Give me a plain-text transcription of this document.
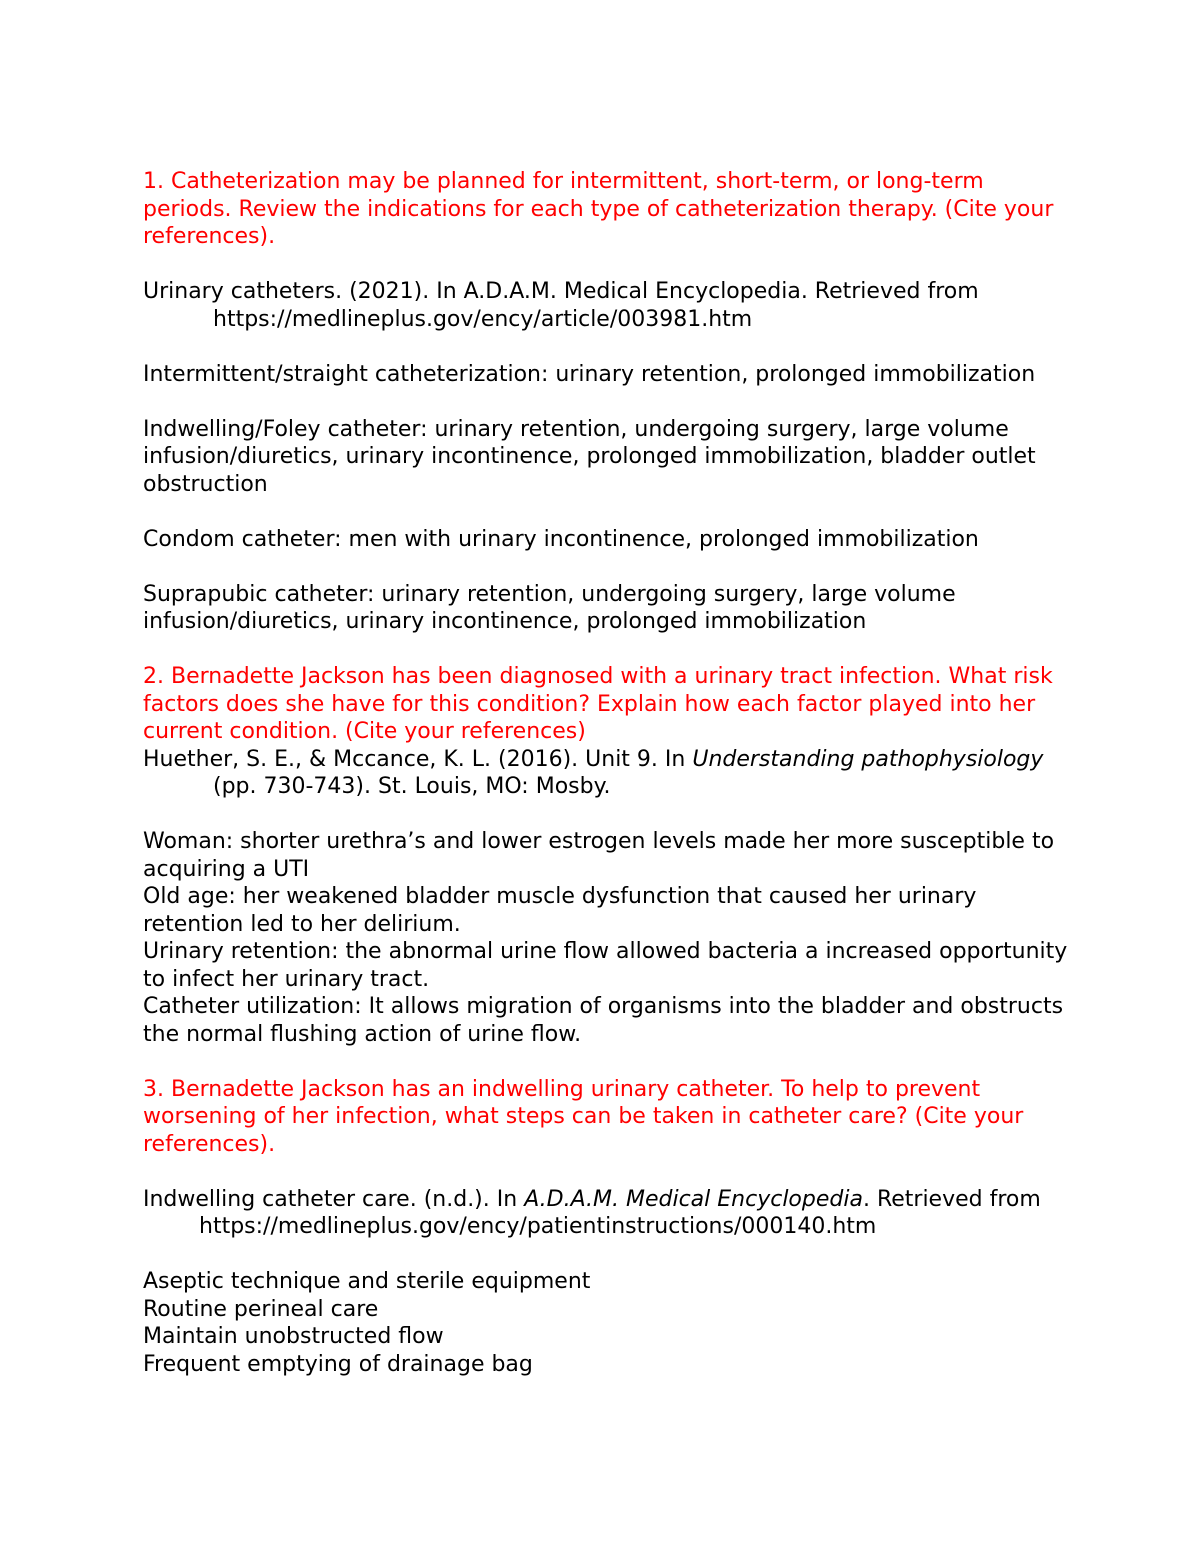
1. Catheterization may be planned for intermittent, short-term, or long-term periods. Review the indications for each type of catheterization therapy. (Cite your references).

Urinary catheters. (2021). In A.D.A.M. Medical Encyclopedia. Retrieved from https://medlineplus.gov/ency/article/003981.htm

Intermittent/straight catheterization: urinary retention, prolonged immobilization

Indwelling/Foley catheter: urinary retention, undergoing surgery, large volume infusion/diuretics, urinary incontinence, prolonged immobilization, bladder outlet obstruction

Condom catheter: men with urinary incontinence, prolonged immobilization

Suprapubic catheter: urinary retention, undergoing surgery, large volume infusion/diuretics, urinary incontinence, prolonged immobilization

2. Bernadette Jackson has been diagnosed with a urinary tract infection. What risk factors does she have for this condition? Explain how each factor played into her current condition. (Cite your references)

Huether, S. E., & Mccance, K. L. (2016). Unit 9. In Understanding pathophysiology (pp. 730-743). St. Louis, MO: Mosby.

Woman: shorter urethra’s and lower estrogen levels made her more susceptible to acquiring a UTI

Old age: her weakened bladder muscle dysfunction that caused her urinary retention led to her delirium.

Urinary retention: the abnormal urine flow allowed bacteria a increased opportunity to infect her urinary tract.

Catheter utilization: It allows migration of organisms into the bladder and obstructs the normal flushing action of urine flow.

3. Bernadette Jackson has an indwelling urinary catheter. To help to prevent worsening of her infection, what steps can be taken in catheter care? (Cite your references).

Indwelling catheter care. (n.d.). In A.D.A.M. Medical Encyclopedia. Retrieved from https://medlineplus.gov/ency/patientinstructions/000140.htm

Aseptic technique and sterile equipment

Routine perineal care

Maintain unobstructed flow

Frequent emptying of drainage bag
